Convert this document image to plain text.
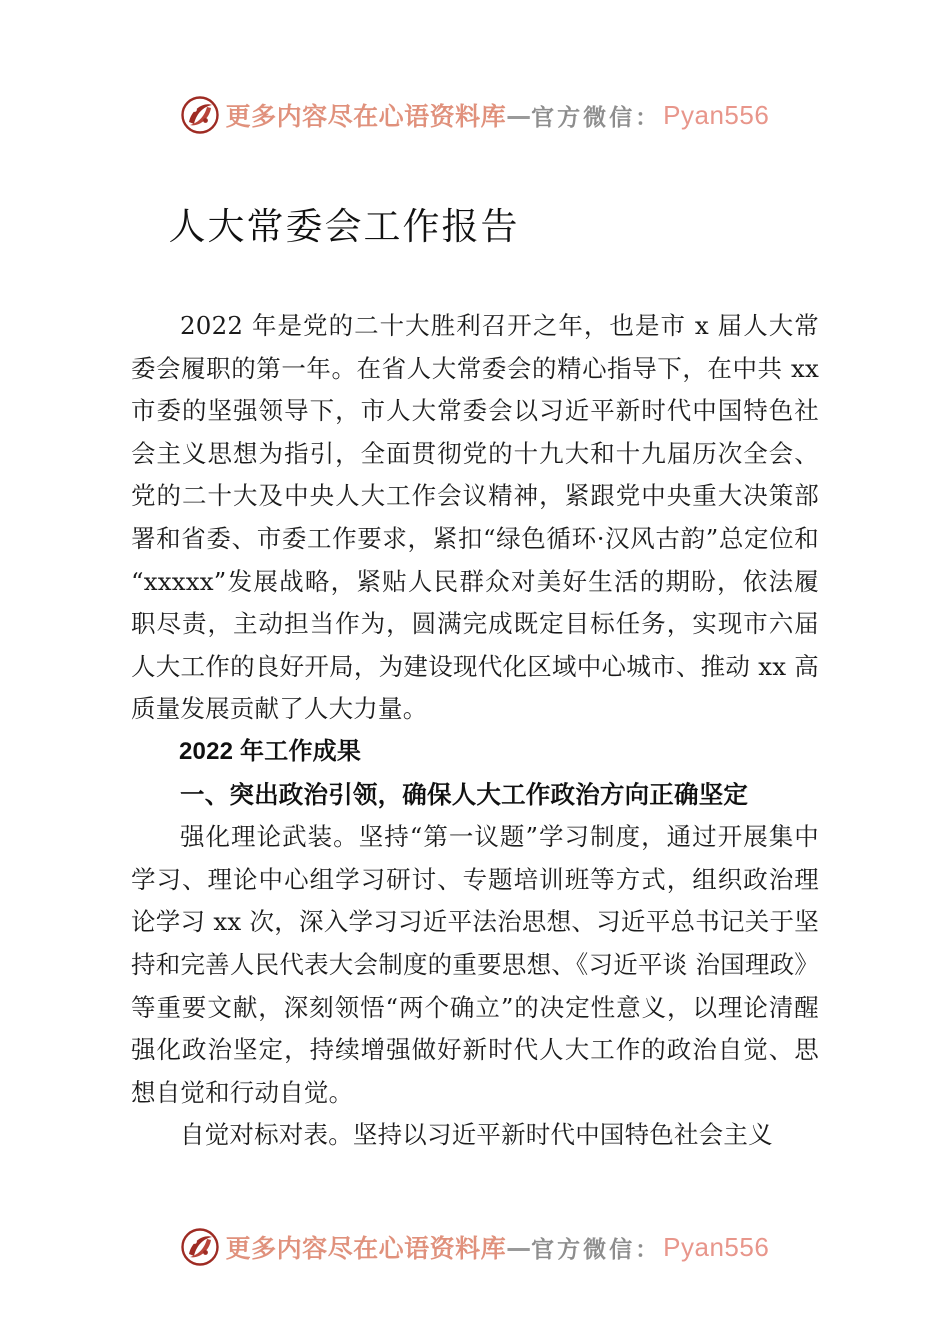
更多内容尽在心语资料库 — 官方微信： Pyan556
人大常委会工作报告

2022 年是党的二十大胜利召开之年，也是市 x 届人大常委会履职的第一年。在省人大常委会的精心指导下，在中共 xx 市委的坚强领导下，市人大常委会以习近平新时代中国特色社会主义思想为指引，全面贯彻党的十九大和十九届历次全会、党的二十大及中央人大工作会议精神，紧跟党中央重大决策部署和省委、市委工作要求，紧扣“绿色循环·汉风古韵”总定位和“xxxxx”发展战略，紧贴人民群众对美好生活的期盼，依法履职尽责，主动担当作为，圆满完成既定目标任务，实现市六届人大工作的良好开局，为建设现代化区域中心城市、推动 xx 高质量发展贡献了人大力量。

2022 年工作成果
一、突出政治引领，确保人大工作政治方向正确坚定

强化理论武装。坚持“第一议题”学习制度，通过开展集中学习、理论中心组学习研讨、专题培训班等方式，组织政治理论学习 xx 次，深入学习习近平法治思想、习近平总书记关于坚持和完善人民代表大会制度的重要思想、《习近平谈 治国理政》等重要文献，深刻领悟“两个确立”的决定性意义，以理论清醒强化政治坚定，持续增强做好新时代人大工作的政治自觉、思想自觉和行动自觉。

自觉对标对表。坚持以习近平新时代中国特色社会主义

更多内容尽在心语资料库 — 官方微信： Pyan556
